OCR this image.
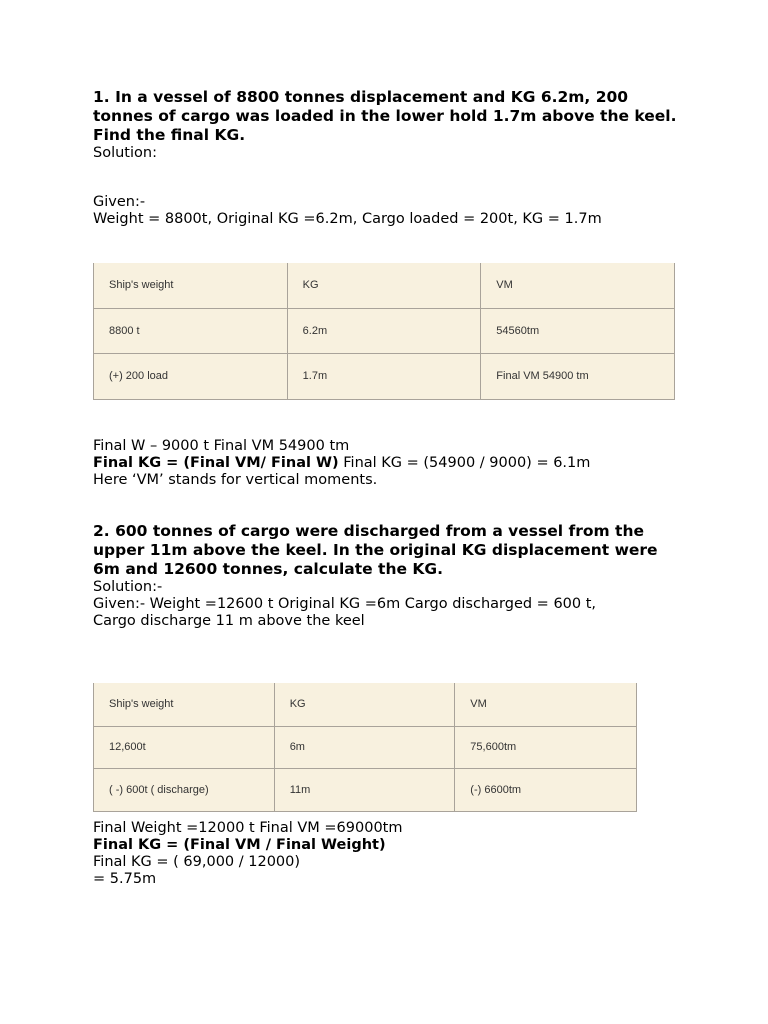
1. In a vessel of 8800 tonnes displacement and KG 6.2m, 200 tonnes of cargo was loaded in the lower hold 1.7m above the keel. Find the final KG.

Solution:

Given:-

Weight = 8800t, Original KG =6.2m, Cargo loaded = 200t, KG = 1.7m

Ship's weight	KG	VM
8800 t	6.2m	54560tm
(+) 200 load	1.7m	Final VM 54900 tm

Final W – 9000 t Final VM 54900 tm

Final KG = (Final VM/ Final W) Final KG = (54900 / 9000) = 6.1m

Here ‘VM’ stands for vertical moments.

2. 600 tonnes of cargo were discharged from a vessel from the upper 11m above the keel. In the original KG displacement were 6m and 12600 tonnes, calculate the KG.

Solution:-

Given:- Weight =12600 t Original KG =6m Cargo discharged = 600 t,

Cargo discharge 11 m above the keel

Ship's weight	KG	VM
12,600t	6m	75,600tm
( -) 600t ( discharge)	11m	(-) 6600tm

Final Weight =12000 t Final VM =69000tm

Final KG = (Final VM / Final Weight)

Final KG = ( 69,000 / 12000)

= 5.75m
